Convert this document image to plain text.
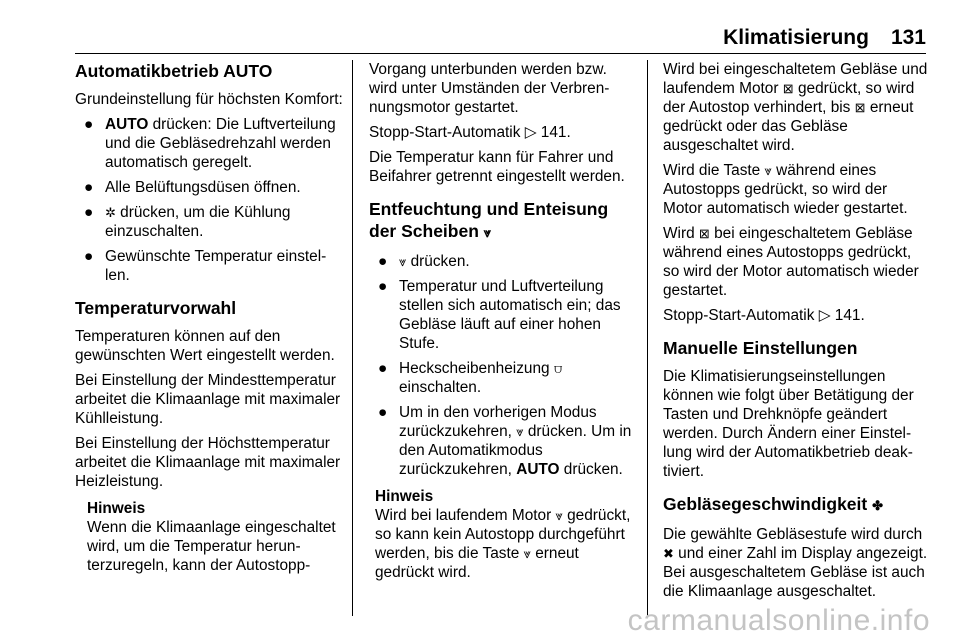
Klimatisierung 131
Automatikbetrieb AUTO

Grundeinstellung für höchsten Komfort:

● AUTO drücken: Die Luftverteilung und die Gebläsedrehzahl werden automatisch geregelt.
● Alle Belüftungsdüsen öffnen.
● ✲ drücken, um die Kühlung einzuschalten.
● Gewünschte Temperatur einstellen.
Temperaturvorwahl

Temperaturen können auf den gewünschten Wert eingestellt werden.

Bei Einstellung der Mindesttemperatur arbeitet die Klimaanlage mit maximaler Kühlleistung.

Bei Einstellung der Höchsttemperatur arbeitet die Klimaanlage mit maximaler Heizleistung.

Hinweis
Wenn die Klimaanlage eingeschaltet wird, um die Temperatur herunterzuregeln, kann der Autostopp-

Vorgang unterbunden werden bzw. wird unter Umständen der Verbrennungsmotor gestartet.

Stopp-Start-Automatik ▷ 141.

Die Temperatur kann für Fahrer und Beifahrer getrennt eingestellt werden.

Entfeuchtung und Enteisung der Scheiben ⩔
● ⩔ drücken.
● Temperatur und Luftverteilung stellen sich automatisch ein; das Gebläse läuft auf einer hohen Stufe.
● Heckscheibenheizung ⩌ einschalten.
● Um in den vorherigen Modus zurückzukehren, ⩔ drücken. Um in den Automatikmodus zurückzukehren, AUTO drücken.
Hinweis
Wird bei laufendem Motor ⩔ gedrückt, so kann kein Autostopp durchgeführt werden, bis die Taste ⩔ erneut gedrückt wird.

Wird bei eingeschaltetem Gebläse und laufendem Motor ⊠ gedrückt, so wird der Autostop verhindert, bis ⊠ erneut gedrückt oder das Gebläse ausgeschaltet wird.

Wird die Taste ⩔ während eines Autostopps gedrückt, so wird der Motor automatisch wieder gestartet.

Wird ⊠ bei eingeschaltetem Gebläse während eines Autostopps gedrückt, so wird der Motor automatisch wieder gestartet.

Stopp-Start-Automatik ▷ 141.

Manuelle Einstellungen

Die Klimatisierungseinstellungen können wie folgt über Betätigung der Tasten und Drehknöpfe geändert werden. Durch Ändern einer Einstellung wird der Automatikbetrieb deaktiviert.

Gebläsegeschwindigkeit ✤

Die gewählte Gebläsestufe wird durch ✖ und einer Zahl im Display angezeigt. Bei ausgeschaltetem Gebläse ist auch die Klimaanlage ausgeschaltet.

carmanualsonline.info
